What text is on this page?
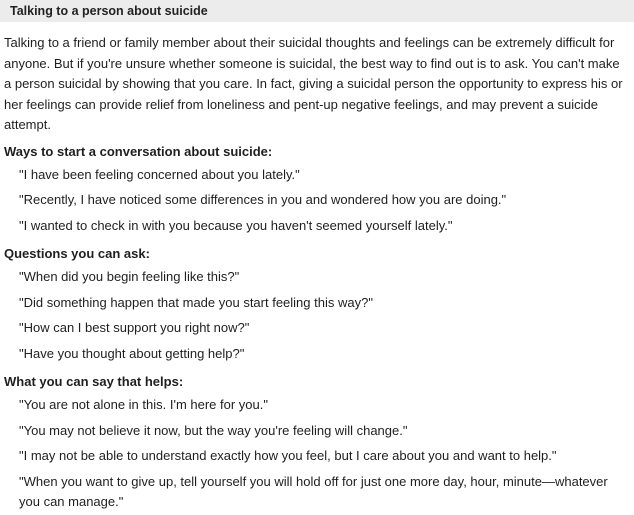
Talking to a person about suicide

Talking to a friend or family member about their suicidal thoughts and feelings can be extremely difficult for anyone. But if you're unsure whether someone is suicidal, the best way to find out is to ask. You can't make a person suicidal by showing that you care. In fact, giving a suicidal person the opportunity to express his or her feelings can provide relief from loneliness and pent-up negative feelings, and may prevent a suicide attempt.

Ways to start a conversation about suicide:
"I have been feeling concerned about you lately."
"Recently, I have noticed some differences in you and wondered how you are doing."
"I wanted to check in with you because you haven't seemed yourself lately."
Questions you can ask:
"When did you begin feeling like this?"
"Did something happen that made you start feeling this way?"
"How can I best support you right now?"
"Have you thought about getting help?"
What you can say that helps:
"You are not alone in this. I'm here for you."
"You may not believe it now, but the way you're feeling will change."
"I may not be able to understand exactly how you feel, but I care about you and want to help."
"When you want to give up, tell yourself you will hold off for just one more day, hour, minute—whatever you can manage."
